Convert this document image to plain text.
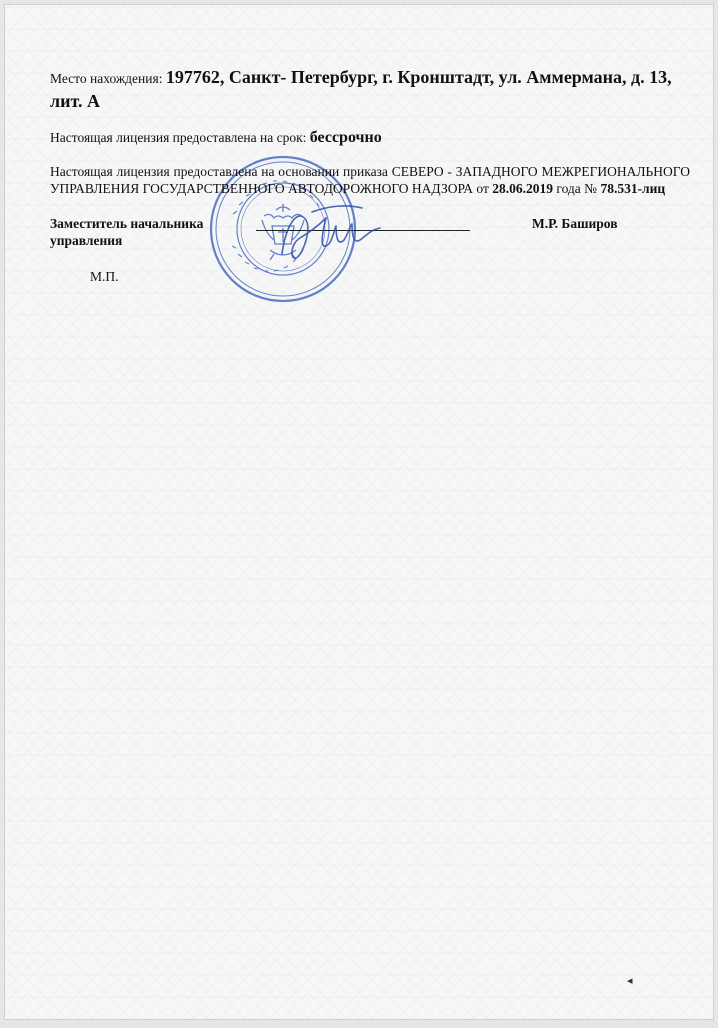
Место нахождения: 197762, Санкт- Петербург, г. Кронштадт, ул. Аммермана, д. 13, лит. А

Настоящая лицензия предоставлена на срок: бессрочно

Настоящая лицензия предоставлена на основании приказа СЕВЕРО - ЗАПАДНОГО МЕЖРЕГИОНАЛЬНОГО УПРАВЛЕНИЯ ГОСУДАРСТВЕННОГО АВТОДОРОЖНОГО НАДЗОРА от 28.06.2019 года № 78.531-лиц

Заместитель начальника управления
М.Р. Баширов
М.П.
◂
